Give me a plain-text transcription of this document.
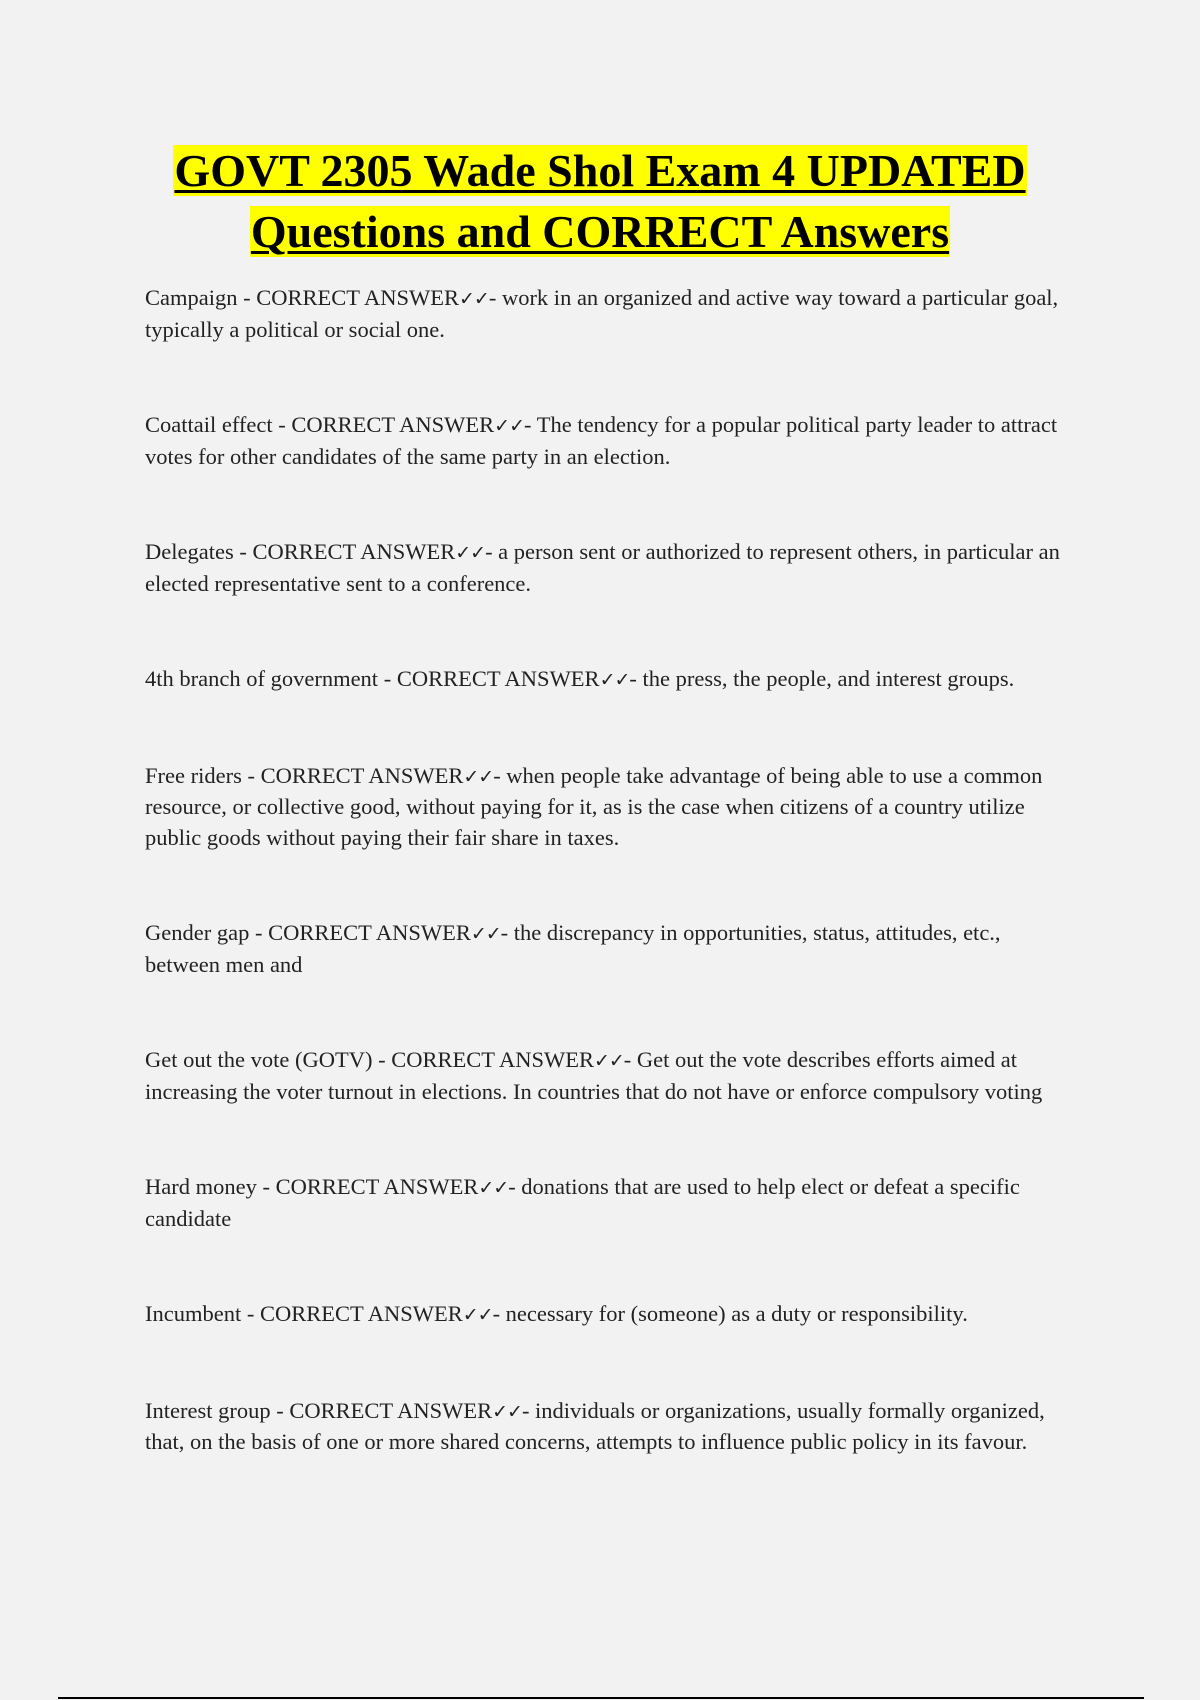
GOVT 2305 Wade Shol Exam 4 UPDATED
Questions and CORRECT Answers

Campaign - CORRECT ANSWER✓✓- work in an organized and active way toward a particular goal, typically a political or social one.

Coattail effect - CORRECT ANSWER✓✓- The tendency for a popular political party leader to attract votes for other candidates of the same party in an election.

Delegates - CORRECT ANSWER✓✓- a person sent or authorized to represent others, in particular an elected representative sent to a conference.

4th branch of government - CORRECT ANSWER✓✓- the press, the people, and interest groups.

Free riders - CORRECT ANSWER✓✓- when people take advantage of being able to use a common resource, or collective good, without paying for it, as is the case when citizens of a country utilize public goods without paying their fair share in taxes.

Gender gap - CORRECT ANSWER✓✓- the discrepancy in opportunities, status, attitudes, etc., between men and

Get out the vote (GOTV) - CORRECT ANSWER✓✓- Get out the vote describes efforts aimed at increasing the voter turnout in elections. In countries that do not have or enforce compulsory voting

Hard money - CORRECT ANSWER✓✓- donations that are used to help elect or defeat a specific candidate

Incumbent - CORRECT ANSWER✓✓- necessary for (someone) as a duty or responsibility.

Interest group - CORRECT ANSWER✓✓- individuals or organizations, usually formally organized, that, on the basis of one or more shared concerns, attempts to influence public policy in its favour.
